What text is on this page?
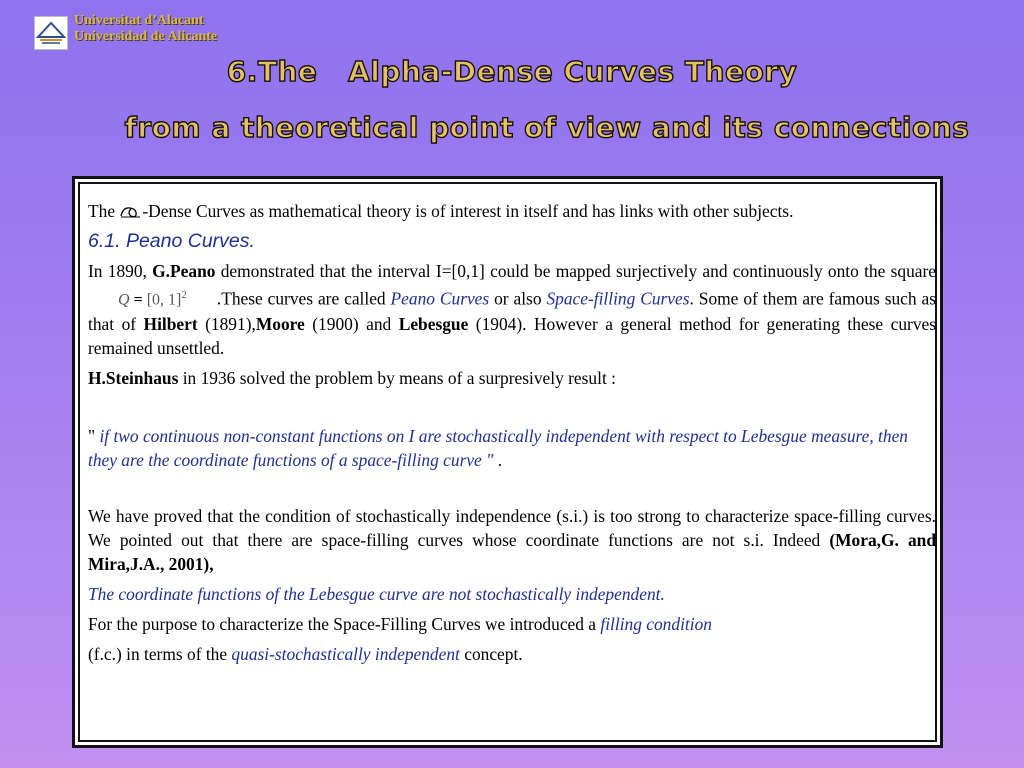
Universitat d’Alacant
Universidad de Alicante
6.The   Alpha-Dense Curves Theory
from a theoretical point of view and its connections

The -Dense Curves as mathematical theory is of interest in itself and has links with other subjects.

6.1. Peano Curves.

In 1890, G.Peano demonstrated that the interval I=[0,1] could be mapped surjectively and continuously onto the square Q = [0, 1]$^2$ .These curves are called Peano Curves or also Space-filling Curves. Some of them are famous such as that of Hilbert (1891),Moore (1900) and Lebesgue (1904). However a general method for generating these curves remained unsettled.

H.Steinhaus in 1936 solved the problem by means of a surpresively result :

" if two continuous non-constant functions on I are stochastically independent with respect to Lebesgue measure, then they are the coordinate functions of a space-filling curve " .

We have proved that the condition of stochastically independence (s.i.) is too strong to characterize space-filling curves. We pointed out that there are space-filling curves whose coordinate functions are not s.i. Indeed (Mora,G. and Mira,J.A., 2001),

The coordinate functions of the Lebesgue curve are not stochastically independent.

For the purpose to characterize the Space-Filling Curves we introduced a filling condition

(f.c.) in terms of the quasi-stochastically independent concept.
